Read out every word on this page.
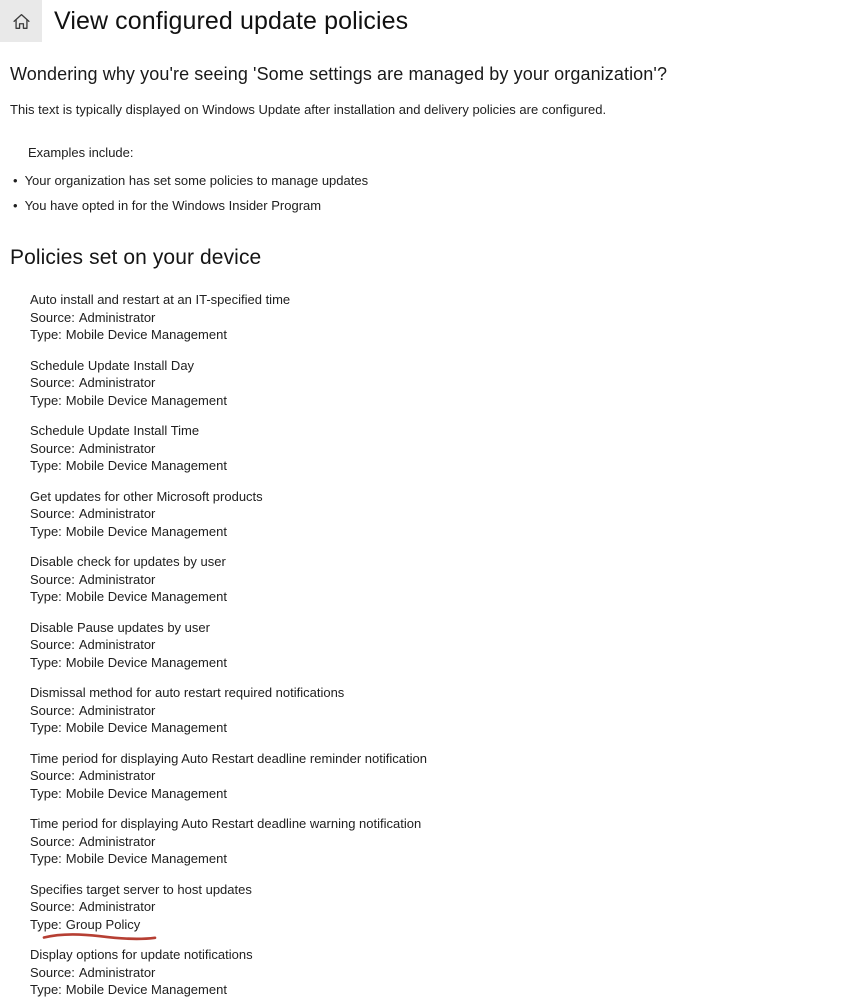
View configured update policies
Wondering why you're seeing 'Some settings are managed by your organization'?

This text is typically displayed on Windows Update after installation and delivery policies are configured.

Examples include:

• Your organization has set some policies to manage updates
• You have opted in for the Windows Insider Program
Policies set on your device
Auto install and restart at an IT-specified time
Source: Administrator
Type: Mobile Device Management
Schedule Update Install Day
Source: Administrator
Type: Mobile Device Management
Schedule Update Install Time
Source: Administrator
Type: Mobile Device Management
Get updates for other Microsoft products
Source: Administrator
Type: Mobile Device Management
Disable check for updates by user
Source: Administrator
Type: Mobile Device Management
Disable Pause updates by user
Source: Administrator
Type: Mobile Device Management
Dismissal method for auto restart required notifications
Source: Administrator
Type: Mobile Device Management
Time period for displaying Auto Restart deadline reminder notification
Source: Administrator
Type: Mobile Device Management
Time period for displaying Auto Restart deadline warning notification
Source: Administrator
Type: Mobile Device Management
Specifies target server to host updates
Source: Administrator
Type: Group Policy
Display options for update notifications
Source: Administrator
Type: Mobile Device Management
